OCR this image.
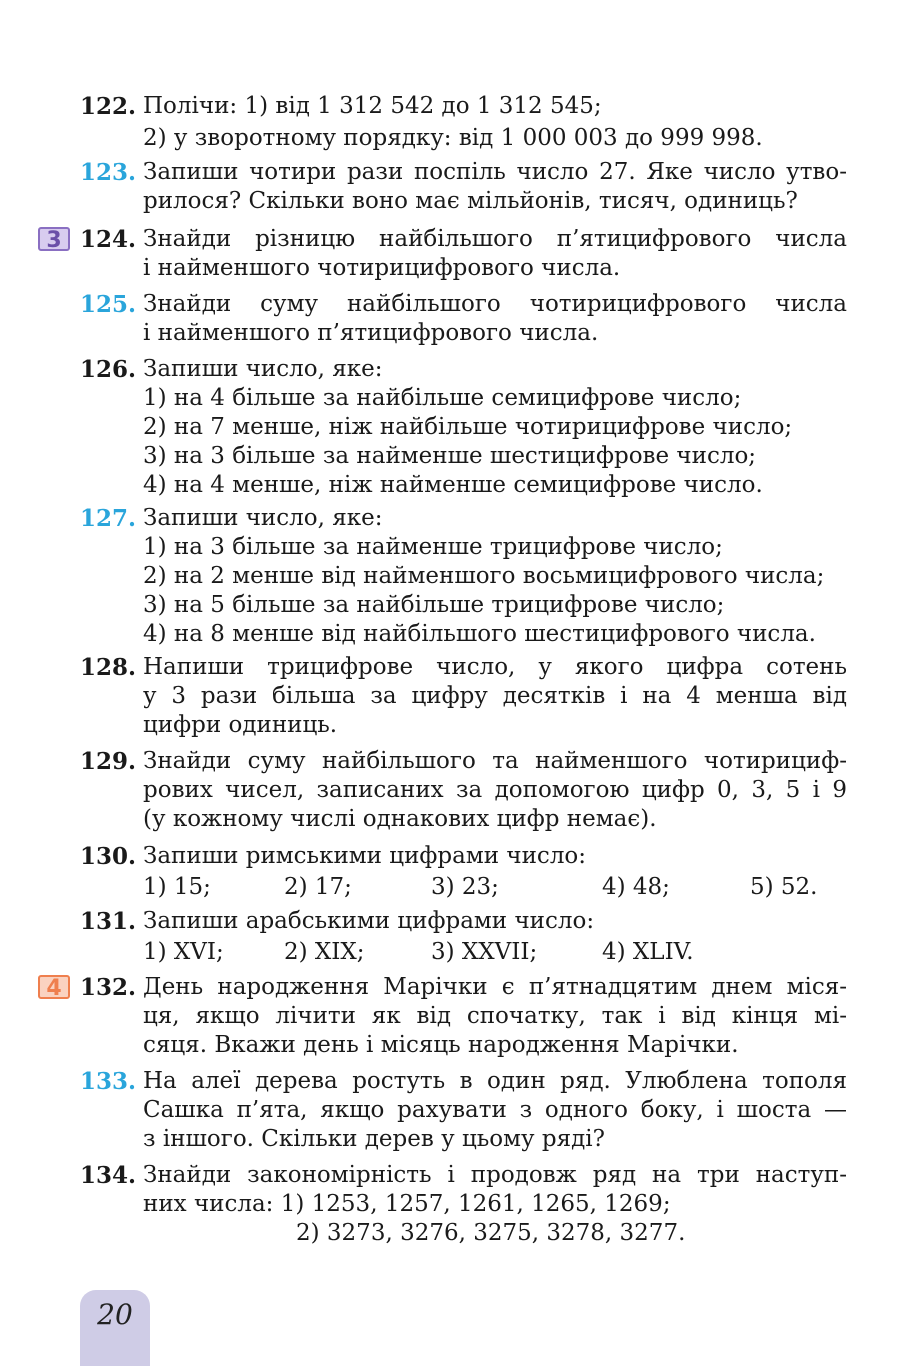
122. Полічи: 1) від 1 312 542 до 1 312 545;
2) у зворотному порядку: від 1 000 003 до 999 998.
123. Запиши чотири рази поспіль число 27. Яке число утво-
рилося? Скільки воно має мільйонів, тисяч, одиниць?
3 124. Знайди різницю найбільшого п’ятицифрового числа
і найменшого чотирицифрового числа.
125. Знайди суму найбільшого чотирицифрового числа
і найменшого п’ятицифрового числа.
126. Запиши число, яке:
1) на 4 більше за найбільше семицифрове число;
2) на 7 менше, ніж найбільше чотирицифрове число;
3) на 3 більше за найменше шестицифрове число;
4) на 4 менше, ніж найменше семицифрове число.
127. Запиши число, яке:
1) на 3 більше за найменше трицифрове число;
2) на 2 менше від найменшого восьмицифрового числа;
3) на 5 більше за найбільше трицифрове число;
4) на 8 менше від найбільшого шестицифрового числа.
128. Напиши трицифрове число, у якого цифра сотень
у 3 рази більша за цифру десятків і на 4 менша від
цифри одиниць.
129. Знайди суму найбільшого та найменшого чотирициф-
рових чисел, записаних за допомогою цифр 0, 3, 5 і 9
(у кожному числі однакових цифр немає).
130. Запиши римськими цифрами число:
1) 15;	2) 17;	3) 23;	4) 48;	5) 52.
131. Запиши арабськими цифрами число:
1) XVI;	2) XIX;	3) XXVII;	4) XLIV.
4 132. День народження Марічки є п’ятнадцятим днем міся-
ця, якщо лічити як від спочатку, так і від кінця мі-
сяця. Вкажи день і місяць народження Марічки.
133. На алеї дерева ростуть в один ряд. Улюблена тополя
Сашка п’ята, якщо рахувати з одного боку, і шоста —
з іншого. Скільки дерев у цьому ряді?
134. Знайди закономірність і продовж ряд на три наступ-
них числа: 1) 1253, 1257, 1261, 1265, 1269;
2) 3273, 3276, 3275, 3278, 3277.
20
